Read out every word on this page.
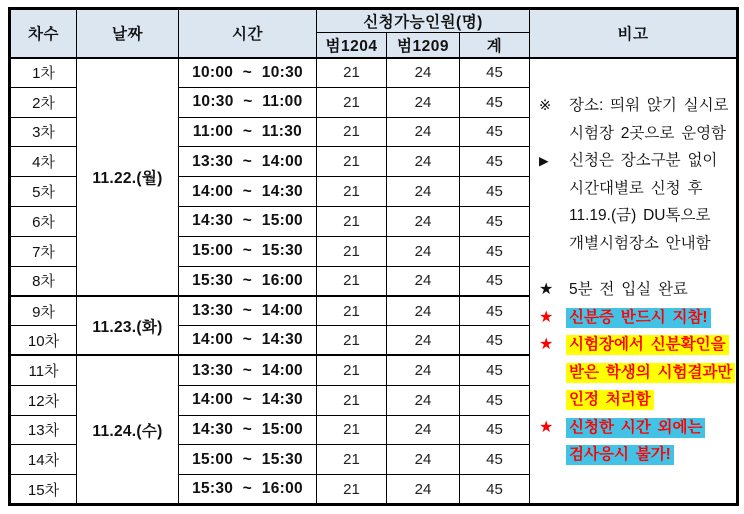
차수	날짜	시간	신청가능인원(명)			비고
			범1204	범1209	계	
1차	11.22.(월)	10:00 ~ 10:30	21	24	45	
※	장소: 띄워 앉기 실시로
시험장 2곳으로 운영함
▶	신청은 장소구분 없이
시간대별로 신청 후
11.19.(금) DU톡으로
개별시험장소 안내함
★	5분 전 입실 완료
★	신분증 반드시 지참!
★	시험장에서 신분확인을
받은 학생의 시험결과만
인정 처리함
★	신청한 시간 외에는
검사응시 불가!

2차		10:30 ~ 11:00	21	24	45	
3차		11:00 ~ 11:30	21	24	45	
4차		13:30 ~ 14:00	21	24	45	
5차		14:00 ~ 14:30	21	24	45	
6차		14:30 ~ 15:00	21	24	45	
7차		15:00 ~ 15:30	21	24	45	
8차		15:30 ~ 16:00	21	24	45	
9차	11.23.(화)	13:30 ~ 14:00	21	24	45	
10차		14:00 ~ 14:30	21	24	45	
11차	11.24.(수)	13:30 ~ 14:00	21	24	45	
12차		14:00 ~ 14:30	21	24	45	
13차		14:30 ~ 15:00	21	24	45	
14차		15:00 ~ 15:30	21	24	45	
15차		15:30 ~ 16:00	21	24	45	
